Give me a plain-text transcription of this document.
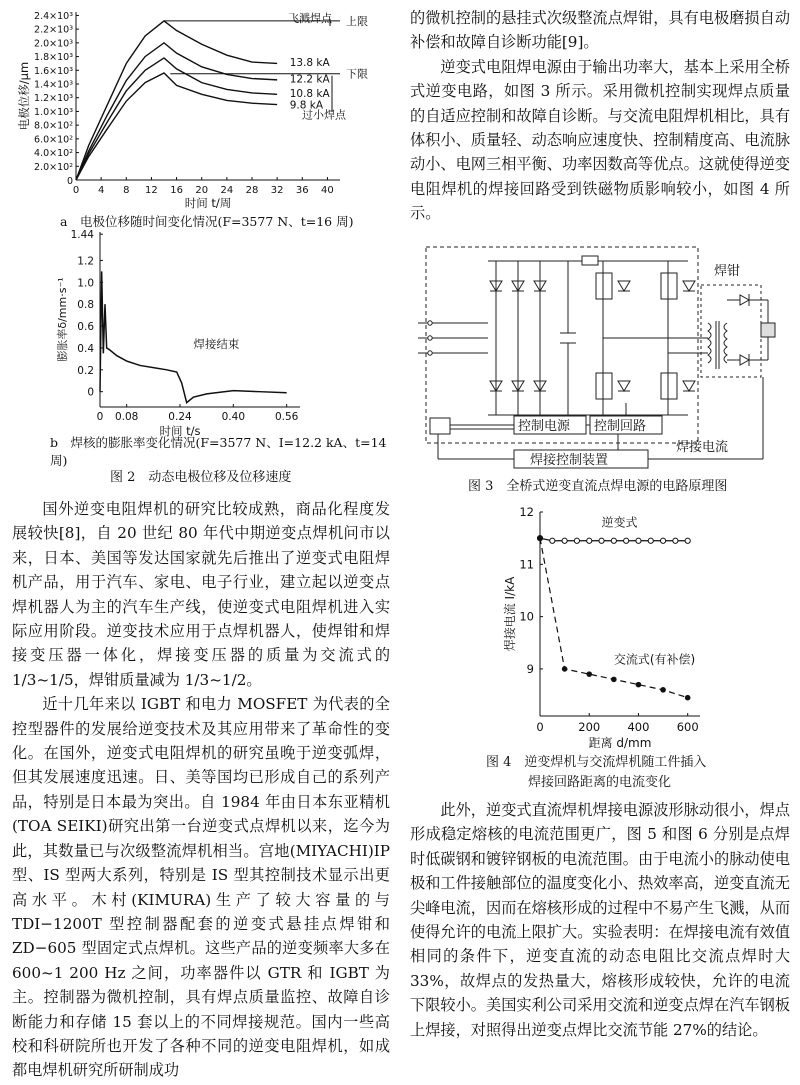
0 4 8 12 16 20 24 28 32 36 40
2.0×10²
4.0×10²
6.0×10²
8.0×10²
1.0×10³
1.2×10³
1.4×10³
1.6×10³
1.8×10³
2.0×10³
2.2×10³
2.4×10³
0
时间 t/周
电极位移/μm	13.8 kA
12.2 kA
10.8 kA
9.8 kA
上限
下限
飞溅焊点
过小焊点
a　电极位移随时间变化情况(F=3577 N、t=16 周)
0 0.08	0.24	0.40	0.56
0
0.2
0.4
0.6
0.8
1.0
1.2
1.44
时间 t/s
膨胀率δ/mm·s⁻¹	焊接结束
b　焊核的膨胀率变化情况(F=3577 N、I=12.2 kA、t=14周)
图 2　动态电极位移及位移速度

国外逆变电阻焊机的研究比较成熟，商品化程度发展较快[8]，自 20 世纪 80 年代中期逆变点焊机问市以来，日本、美国等发达国家就先后推出了逆变式电阻焊机产品，用于汽车、家电、电子行业，建立起以逆变点焊机器人为主的汽车生产线，使逆变式电阻焊机进入实际应用阶段。逆变技术应用于点焊机器人，使焊钳和焊接变压器一体化，焊接变压器的质量为交流式的 1/3~1/5，焊钳质量减为 1/3~1/2。

近十几年来以 IGBT 和电力 MOSFET 为代表的全控型器件的发展给逆变技术及其应用带来了革命性的变化。在国外，逆变式电阻焊机的研究虽晚于逆变弧焊，但其发展速度迅速。日、美等国均已形成自己的系列产品，特别是日本最为突出。自 1984 年由日本东亚精机(TOA SEIKI)研究出第一台逆变式点焊机以来，迄今为此，其数量已与次级整流焊机相当。宫地(MIYACHI)IP 型、IS 型两大系列，特别是 IS 型其控制技术显示出更高水平。木村(KIMURA)生产了较大容量的与 TDI−1200T 型控制器配套的逆变式悬挂点焊钳和 ZD−605 型固定式点焊机。这些产品的逆变频率大多在 600~1 200 Hz 之间，功率器件以 GTR 和 IGBT 为主。控制器为微机控制，具有焊点质量监控、故障自诊断能力和存储 15 套以上的不同焊接规范。国内一些高校和科研院所也开发了各种不同的逆变电阻焊机，如成都电焊机研究所研制成功

的微机控制的悬挂式次级整流点焊钳，具有电极磨损自动补偿和故障自诊断功能[9]。

逆变式电阻焊电源由于输出功率大，基本上采用全桥式逆变电路，如图 3 所示。采用微机控制实现焊点质量的自适应控制和故障自诊断。与交流电阻焊机相比，具有体积小、质量轻、动态响应速度快、控制精度高、电流脉动小、电网三相平衡、功率因数高等优点。这就使得逆变电阻焊机的焊接回路受到铁磁物质影响较小，如图 4 所示。

焊钳
控制电源 控制回路
焊接控制装置
焊接电流
图 3　全桥式逆变直流点焊电源的电路原理图
0	200 400 600
9
10
11
12
距离 d/mm
焊接电流 I/kA
逆变式
交流式(有补偿)
图 4　逆变焊机与交流焊机随工件插入
焊接回路距离的电流变化

此外，逆变式直流焊机焊接电源波形脉动很小，焊点形成稳定熔核的电流范围更广，图 5 和图 6 分别是点焊时低碳钢和镀锌钢板的电流范围。由于电流小的脉动使电极和工件接触部位的温度变化小、热效率高，逆变直流无尖峰电流，因而在熔核形成的过程中不易产生飞溅，从而使得允许的电流上限扩大。实验表明：在焊接电流有效值相同的条件下，逆变直流的动态电阻比交流点焊时大 33%，故焊点的发热量大，熔核形成较快，允许的电流下限较小。美国实利公司采用交流和逆变点焊在汽车钢板上焊接，对照得出逆变点焊比交流节能 27%的结论。
